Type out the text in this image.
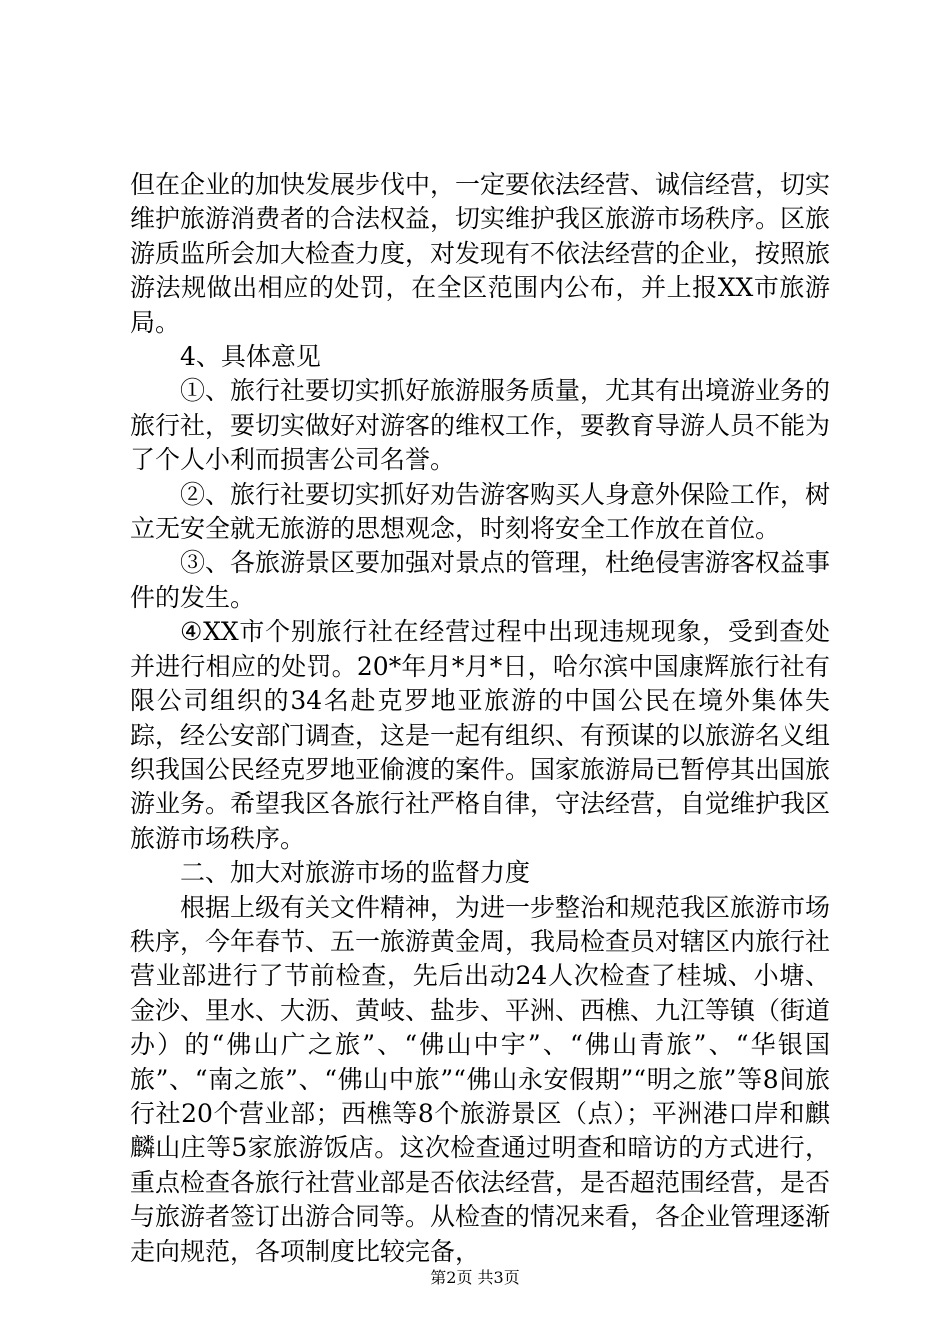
但在企业的加快发展步伐中，一定要依法经营、诚信经营，切实维护旅游消费者的合法权益，切实维护我区旅游市场秩序。区旅游质监所会加大检查力度，对发现有不依法经营的企业，按照旅游法规做出相应的处罚，在全区范围内公布，并上报XX市旅游局。

4、具体意见

①、旅行社要切实抓好旅游服务质量，尤其有出境游业务的旅行社，要切实做好对游客的维权工作，要教育导游人员不能为了个人小利而损害公司名誉。

②、旅行社要切实抓好劝告游客购买人身意外保险工作，树立无安全就无旅游的思想观念，时刻将安全工作放在首位。

③、各旅游景区要加强对景点的管理，杜绝侵害游客权益事件的发生。

④XX市个别旅行社在经营过程中出现违规现象，受到查处并进行相应的处罚。20*年月*月*日，哈尔滨中国康辉旅行社有限公司组织的34名赴克罗地亚旅游的中国公民在境外集体失踪，经公安部门调查，这是一起有组织、有预谋的以旅游名义组织我国公民经克罗地亚偷渡的案件。国家旅游局已暂停其出国旅游业务。希望我区各旅行社严格自律，守法经营，自觉维护我区旅游市场秩序。

二、加大对旅游市场的监督力度

根据上级有关文件精神，为进一步整治和规范我区旅游市场秩序，今年春节、五一旅游黄金周，我局检查员对辖区内旅行社营业部进行了节前检查，先后出动24人次检查了桂城、小塘、金沙、里水、大沥、黄岐、盐步、平洲、西樵、九江等镇（街道办）的“佛山广之旅”、“佛山中宇”、“佛山青旅”、“华银国旅”、“南之旅”、“佛山中旅”“佛山永安假期”“明之旅”等8间旅行社20个营业部；西樵等8个旅游景区（点）；平洲港口岸和麒麟山庄等5家旅游饭店。这次检查通过明查和暗访的方式进行，重点检查各旅行社营业部是否依法经营，是否超范围经营，是否与旅游者签订出游合同等。从检查的情况来看，各企业管理逐渐走向规范，各项制度比较完备，

第2页 共3页
